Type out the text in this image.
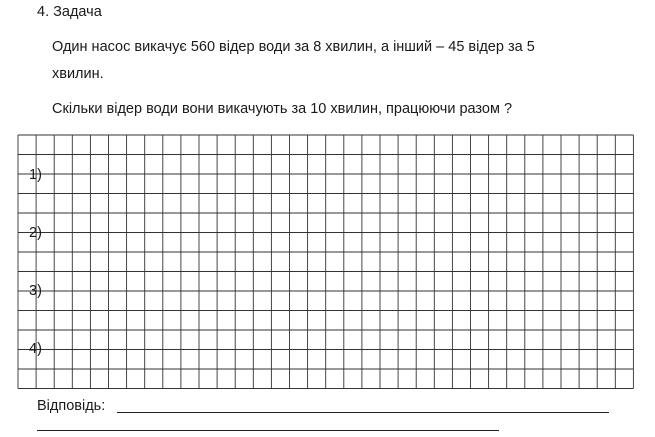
4. Задача
Один насос викачує 560 відер води за 8 хвилин, а інший – 45 відер за 5
хвилин.
Скільки відер води вони викачують за 10 хвилин, працюючи разом ?
1)
2)
3)
4)
Відповідь:
